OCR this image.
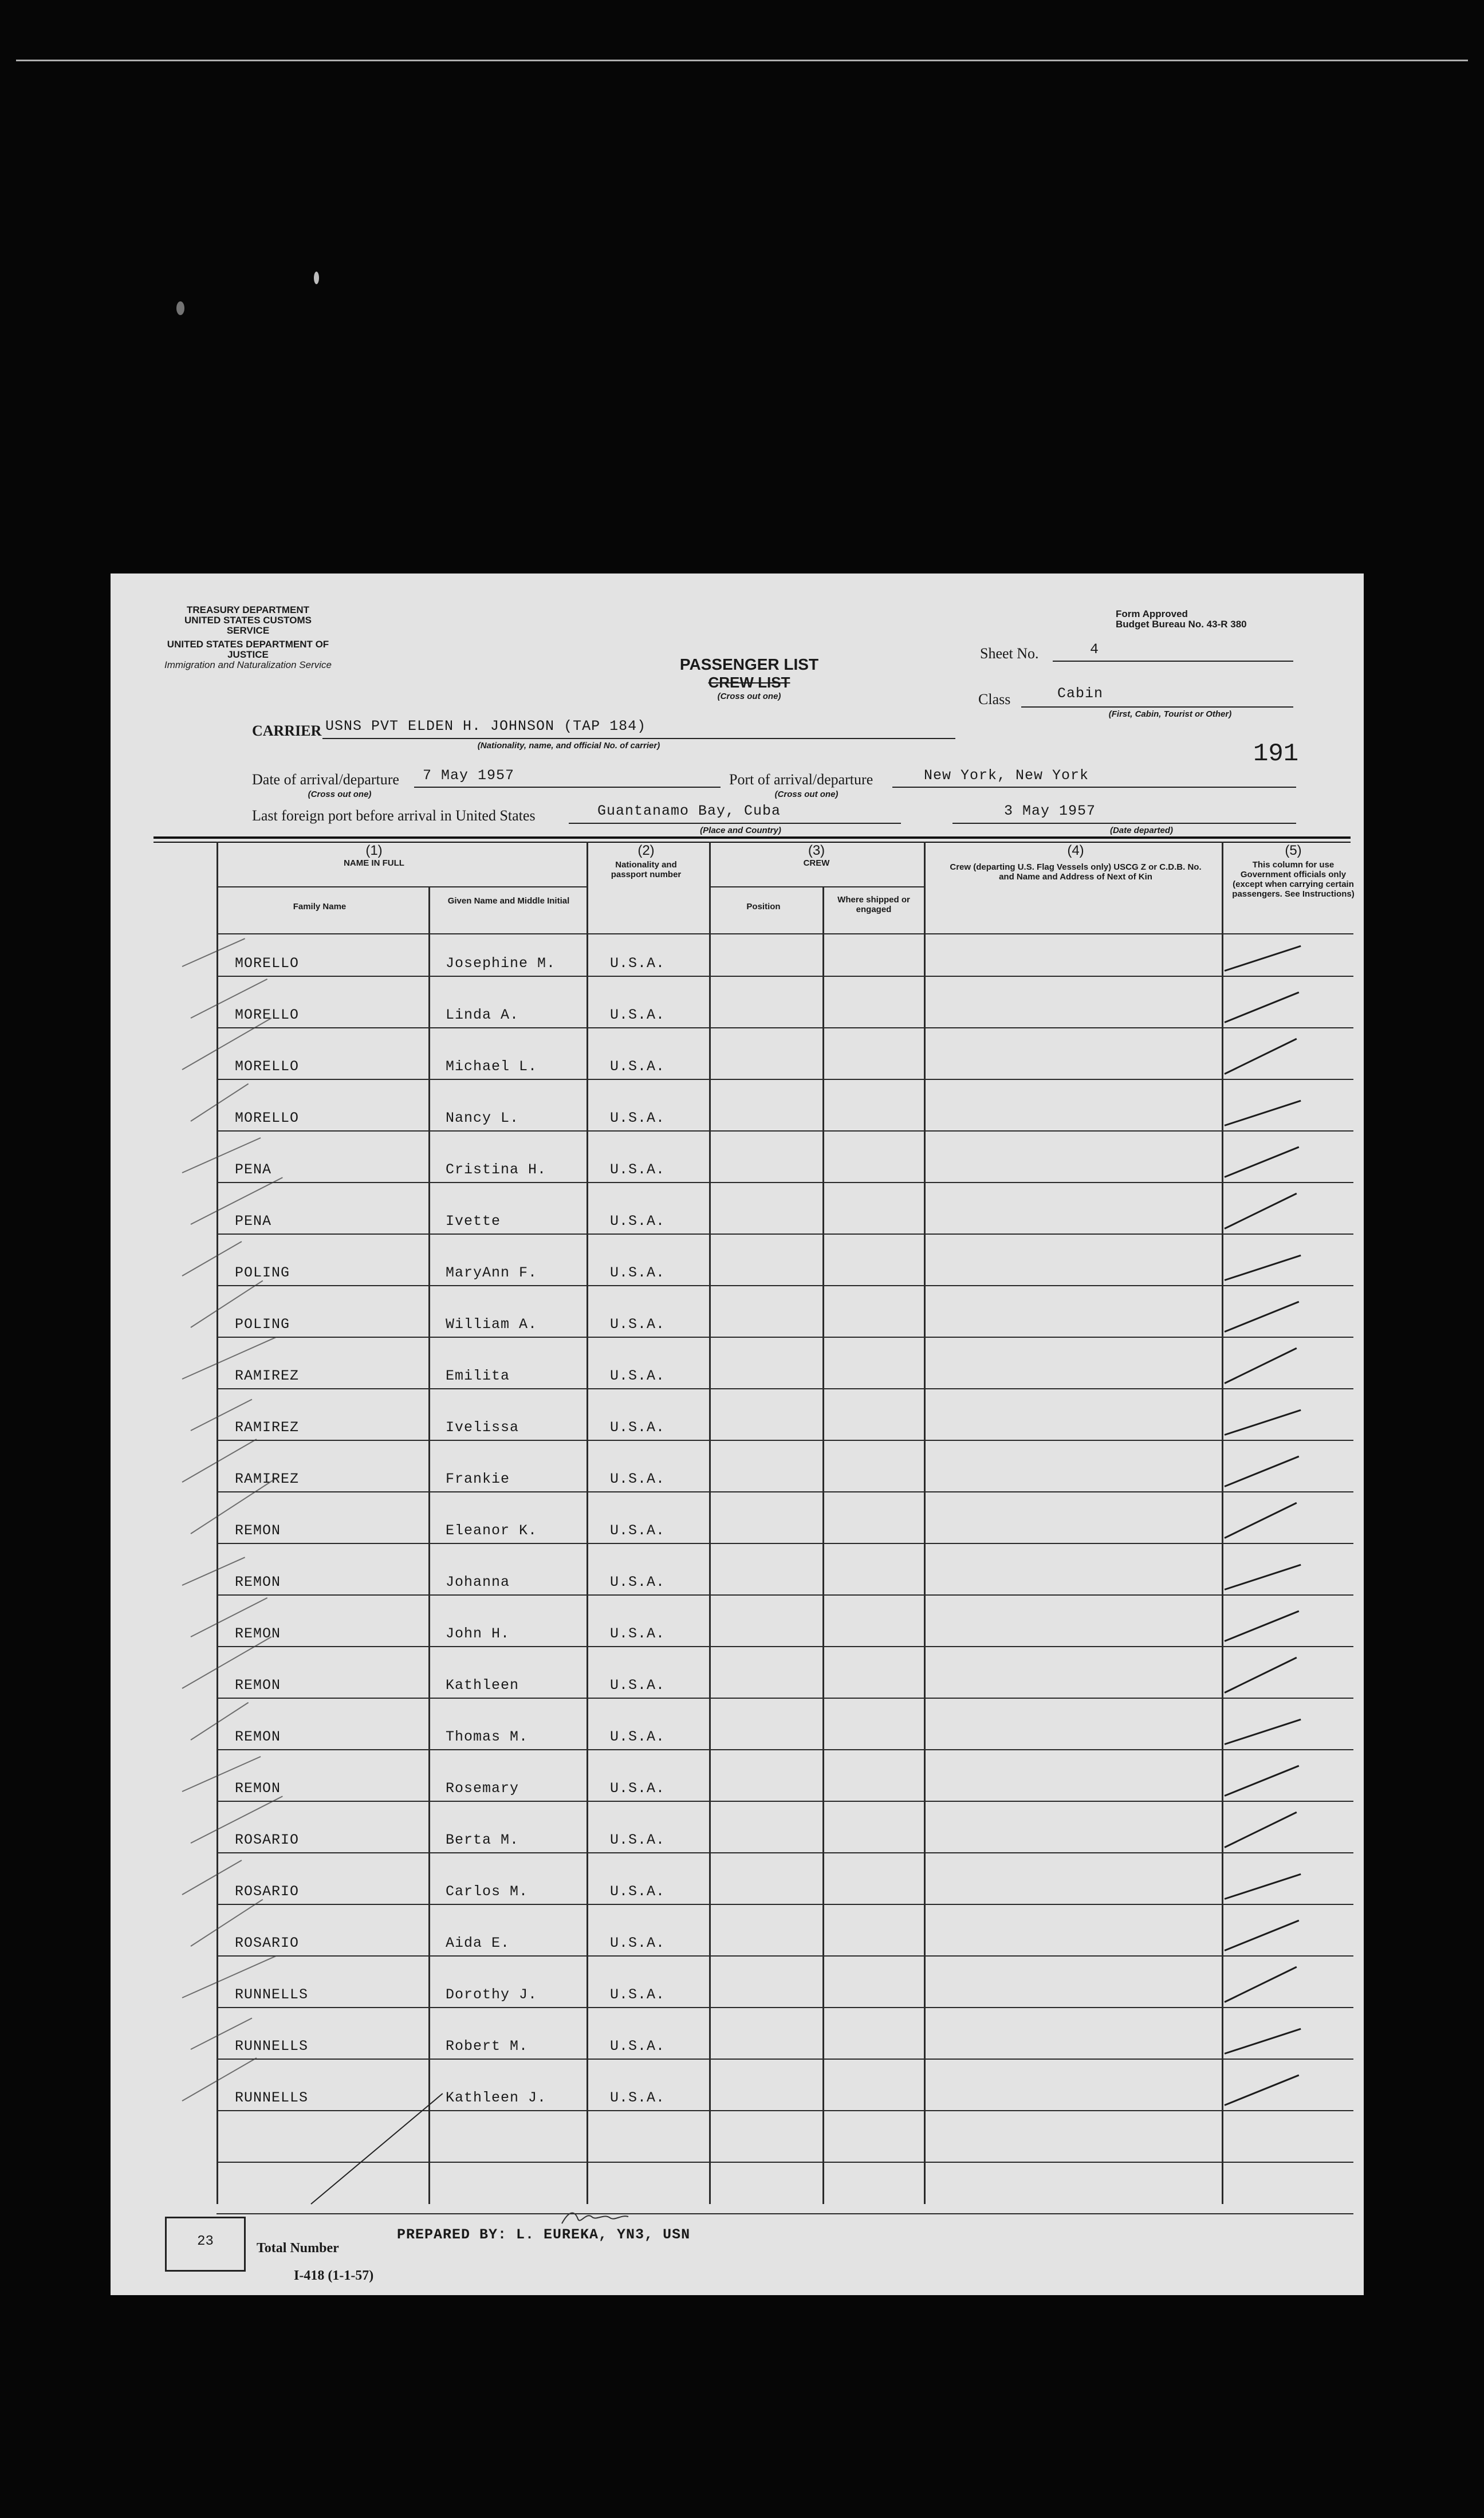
TREASURY DEPARTMENT
UNITED STATES CUSTOMS SERVICE
UNITED STATES DEPARTMENT OF JUSTICE
Immigration and Naturalization Service
Form Approved
Budget Bureau No. 43-R 380
PASSENGER LIST
CREW LIST
(Cross out one)
Sheet No.	4
Class	Cabin
(First, Cabin, Tourist or Other)
CARRIER USNS PVT ELDEN H. JOHNSON (TAP 184)
(Nationality, name, and official No. of carrier)	191
Date of arrival/departure 7 May 1957
(Cross out one)
Port of arrival/departure	New York, New York
(Cross out one)
Last foreign port before arrival in United States	Guantanamo Bay, Cuba
(Place and Country)
3 May 1957
(Date departed)
(1)
NAME IN FULL
Family Name
Given Name and Middle Initial
(2)
Nationality and passport number
(3)
CREW
Position
Where shipped or engaged
(4)
Crew (departing U.S. Flag Vessels only) USCG Z or C.D.B. No. and Name and Address of Next of Kin
(5)
This column for use Government officials only (except when carrying certain passengers. See Instructions)
MORELLO	Josephine M.	U.S.A.
MORELLO	Linda A.	U.S.A.
MORELLO	Michael L.	U.S.A.
MORELLO	Nancy L.	U.S.A.
PENA	Cristina H.	U.S.A.
PENA	Ivette	U.S.A.
POLING	MaryAnn F.	U.S.A.
POLING	William A.	U.S.A.
RAMIREZ	Emilita	U.S.A.
RAMIREZ	Ivelissa	U.S.A.
RAMIREZ	Frankie	U.S.A.
REMON	Eleanor K.	U.S.A.
REMON	Johanna	U.S.A.
REMON	John H.	U.S.A.
REMON	Kathleen	U.S.A.
REMON	Thomas M.	U.S.A.
REMON	Rosemary	U.S.A.
ROSARIO	Berta M.	U.S.A.
ROSARIO	Carlos M.	U.S.A.
ROSARIO	Aida E.	U.S.A.
RUNNELLS	Dorothy J.	U.S.A.
RUNNELLS	Robert M.	U.S.A.
RUNNELLS	Kathleen J.	U.S.A.
23	Total Number
PREPARED BY: L. EUREKA, YN3, USN
I-418 (1-1-57)
